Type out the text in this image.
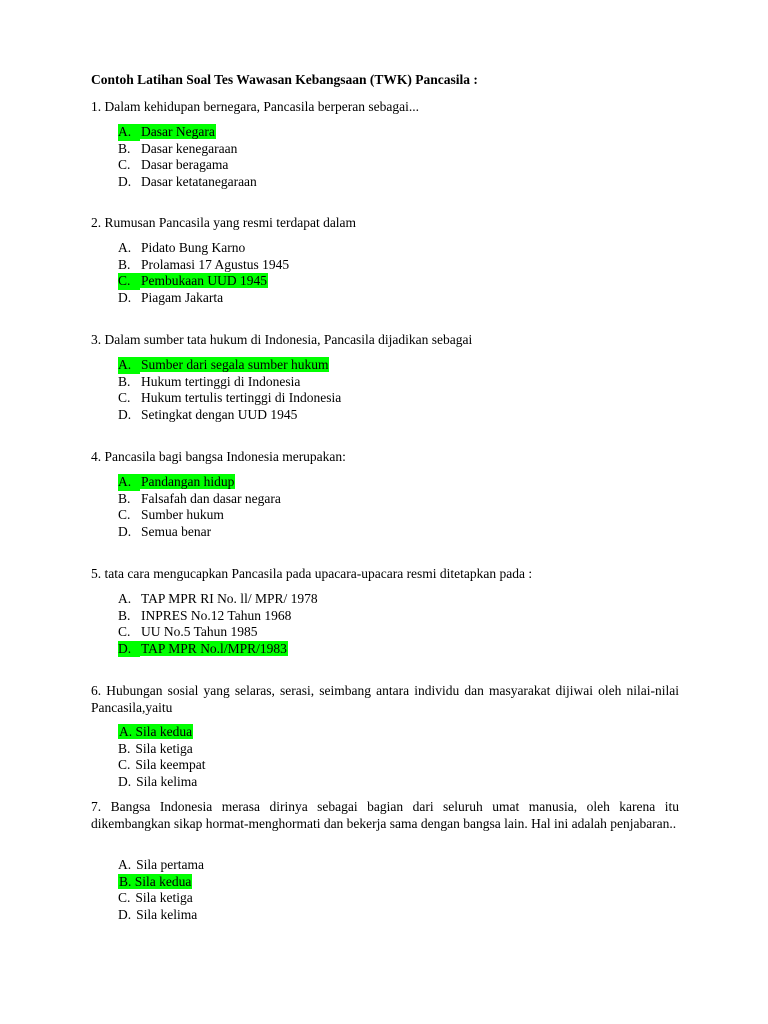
Contoh Latihan Soal Tes Wawasan Kebangsaan (TWK) Pancasila :
1. Dalam kehidupan bernegara, Pancasila berperan sebagai...
A. Dasar Negara
B. Dasar kenegaraan
C. Dasar beragama
D. Dasar ketatanegaraan
2. Rumusan Pancasila yang resmi terdapat dalam
A. Pidato Bung Karno
B. Prolamasi 17 Agustus 1945
C. Pembukaan UUD 1945
D. Piagam Jakarta
3. Dalam sumber tata hukum di Indonesia, Pancasila dijadikan sebagai
A. Sumber dari segala sumber hukum
B. Hukum tertinggi di Indonesia
C. Hukum tertulis tertinggi di Indonesia
D. Setingkat dengan UUD 1945
4. Pancasila bagi bangsa Indonesia merupakan:
A. Pandangan hidup
B. Falsafah dan dasar negara
C. Sumber hukum
D. Semua benar
5. tata cara mengucapkan Pancasila pada upacara-upacara resmi ditetapkan pada :
A. TAP MPR RI No. ll/ MPR/ 1978
B. INPRES No.12 Tahun 1968
C. UU No.5 Tahun 1985
D. TAP MPR No.l/MPR/1983
6. Hubungan sosial yang selaras, serasi, seimbang antara individu dan masyarakat dijiwai oleh nilai-nilai Pancasila,yaitu
A. Sila kedua
B. Sila ketiga
C. Sila keempat
D. Sila kelima
7. Bangsa Indonesia merasa dirinya sebagai bagian dari seluruh umat manusia, oleh karena itu dikembangkan sikap hormat-menghormati dan bekerja sama dengan bangsa lain. Hal ini adalah penjabaran..
A. Sila pertama
B. Sila kedua
C. Sila ketiga
D. Sila kelima
